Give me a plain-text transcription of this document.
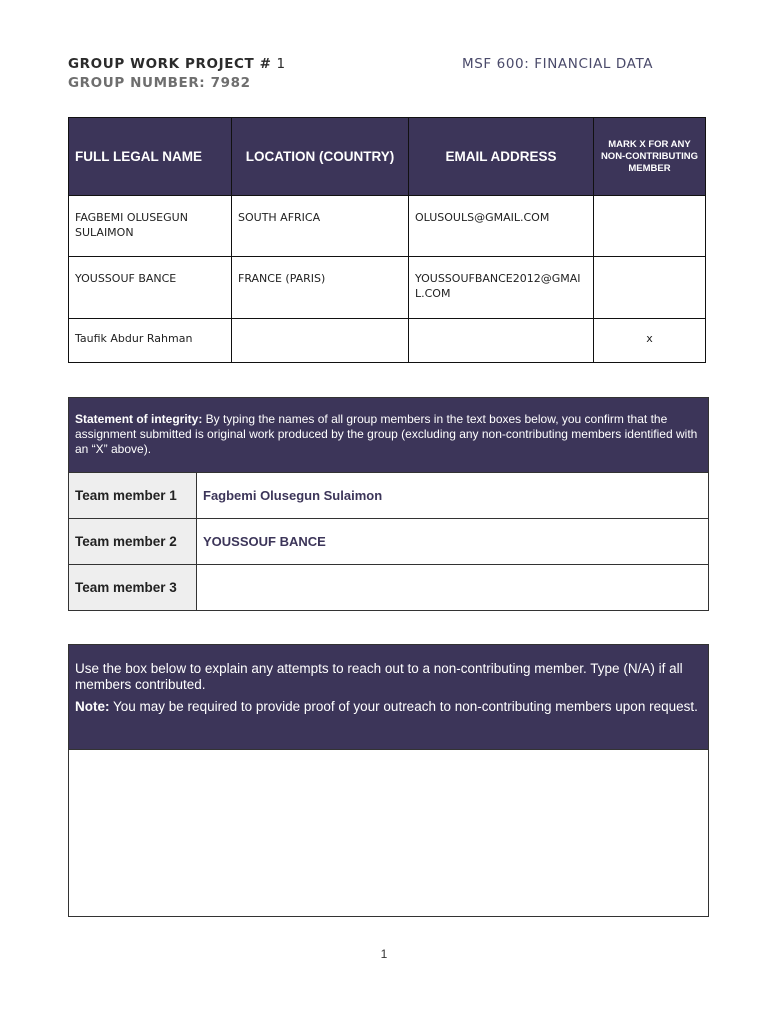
GROUP WORK PROJECT # 1
GROUP NUMBER: 7982
MSF 600: FINANCIAL DATA
FULL LEGAL NAME	LOCATION (COUNTRY)	EMAIL ADDRESS	MARK X FOR ANY NON-CONTRIBUTING MEMBER
FAGBEMI OLUSEGUN SULAIMON	SOUTH AFRICA	OLUSOULS@GMAIL.COM	
YOUSSOUF BANCE	FRANCE (PARIS)	YOUSSOUFBANCE2012@GMAIL.COM	
Taufik Abdur Rahman			x
Statement of integrity: By typing the names of all group members in the text boxes below, you confirm that the assignment submitted is original work produced by the group (excluding any non-contributing members identified with an “X” above).	
Team member 1	Fagbemi Olusegun Sulaimon
Team member 2	YOUSSOUF BANCE
Team member 3	

Use the box below to explain any attempts to reach out to a non-contributing member. Type (N/A) if all members contributed.

Note: You may be required to provide proof of your outreach to non-contributing members upon request.

1
